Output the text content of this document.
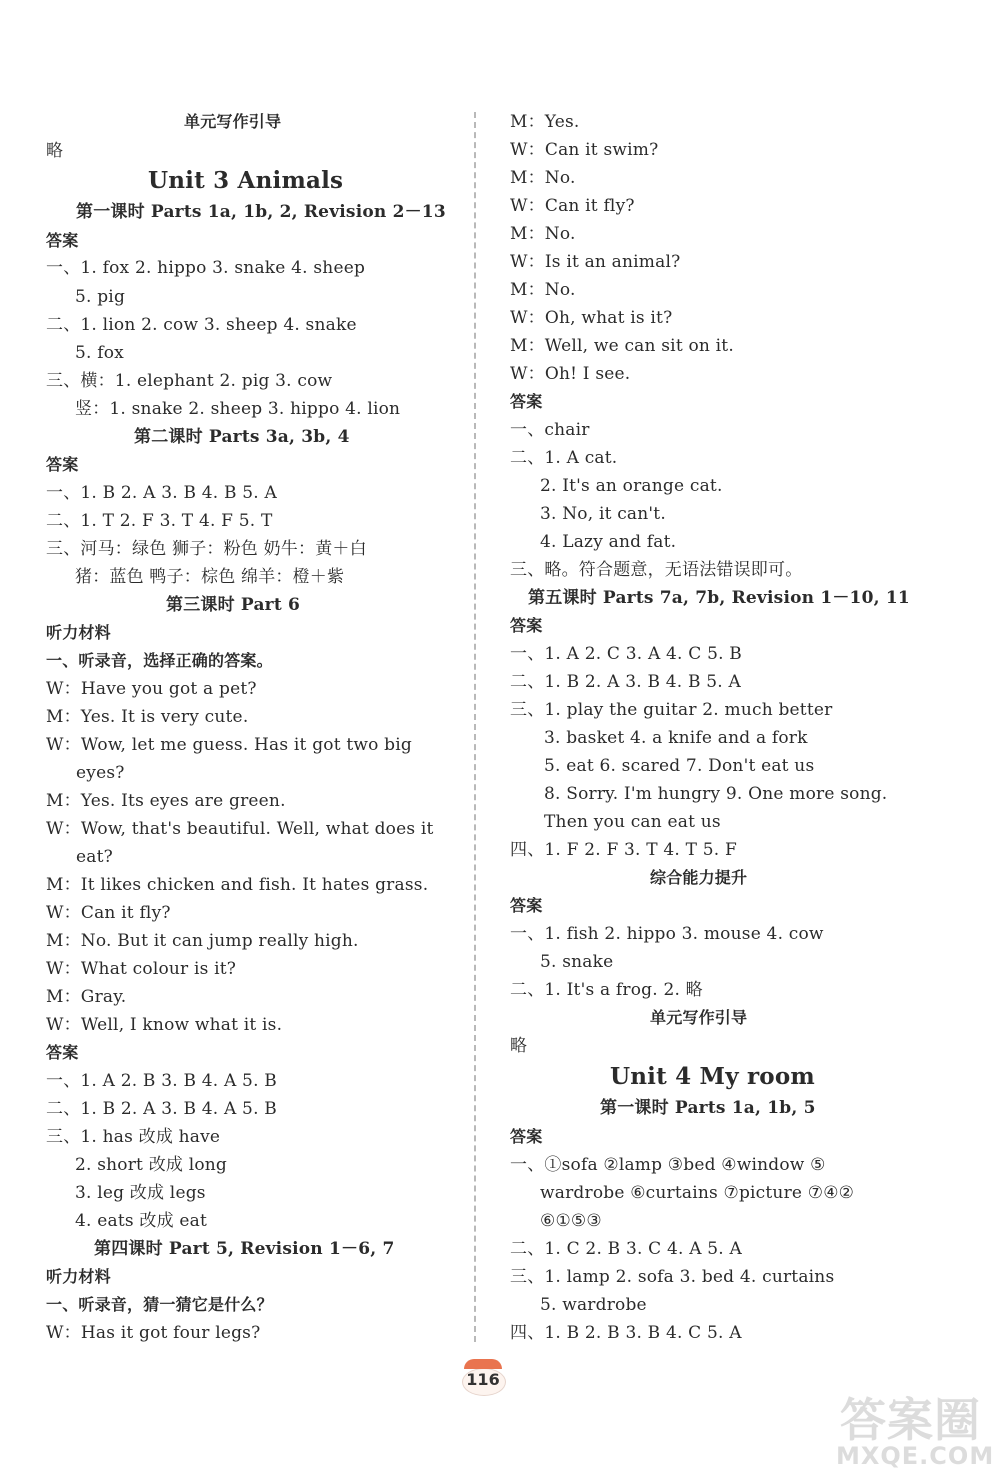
单元写作引导
略
Unit 3 Animals
第一课时 Parts 1a, 1b, 2, Revision 2－13
答案
一、1. fox 2. hippo 3. snake 4. sheep
5. pig
二、1. lion 2. cow 3. sheep 4. snake
5. fox
三、横：1. elephant 2. pig 3. cow
竖：1. snake 2. sheep 3. hippo 4. lion
第二课时 Parts 3a, 3b, 4
答案
一、1. B 2. A 3. B 4. B 5. A
二、1. T 2. F 3. T 4. F 5. T
三、河马：绿色 狮子：粉色 奶牛：黄＋白
猪：蓝色 鸭子：棕色 绵羊：橙＋紫
第三课时 Part 6
听力材料
一、听录音，选择正确的答案。
W：Have you got a pet?
M：Yes. It is very cute.
W：Wow, let me guess. Has it got two big
eyes?
M：Yes. Its eyes are green.
W：Wow, that's beautiful. Well, what does it
eat?
M：It likes chicken and fish. It hates grass.
W：Can it fly?
M：No. But it can jump really high.
W：What colour is it?
M：Gray.
W：Well, I know what it is.
答案
一、1. A 2. B 3. B 4. A 5. B
二、1. B 2. A 3. B 4. A 5. B
三、1. has 改成 have
2. short 改成 long
3. leg 改成 legs
4. eats 改成 eat
第四课时 Part 5, Revision 1－6, 7
听力材料
一、听录音，猜一猜它是什么？
W：Has it got four legs?
M：Yes.
W：Can it swim?
M：No.
W：Can it fly?
M：No.
W：Is it an animal?
M：No.
W：Oh, what is it?
M：Well, we can sit on it.
W：Oh! I see.
答案
一、chair
二、1. A cat.
2. It's an orange cat.
3. No, it can't.
4. Lazy and fat.
三、略。符合题意，无语法错误即可。
第五课时 Parts 7a, 7b, Revision 1－10, 11
答案
一、1. A 2. C 3. A 4. C 5. B
二、1. B 2. A 3. B 4. B 5. A
三、1. play the guitar 2. much better
3. basket 4. a knife and a fork
5. eat 6. scared 7. Don't eat us
8. Sorry. I'm hungry 9. One more song.
Then you can eat us
四、1. F 2. F 3. T 4. T 5. F
综合能力提升
答案
一、1. fish 2. hippo 3. mouse 4. cow
5. snake
二、1. It's a frog. 2. 略
单元写作引导
略
Unit 4 My room
第一课时 Parts 1a, 1b, 5
答案
一、①sofa ②lamp ③bed ④window ⑤
wardrobe ⑥curtains ⑦picture ⑦④②
⑥①⑤③
二、1. C 2. B 3. C 4. A 5. A
三、1. lamp 2. sofa 3. bed 4. curtains
5. wardrobe
四、1. B 2. B 3. B 4. C 5. A
116
答案圈
MXQE.COM
